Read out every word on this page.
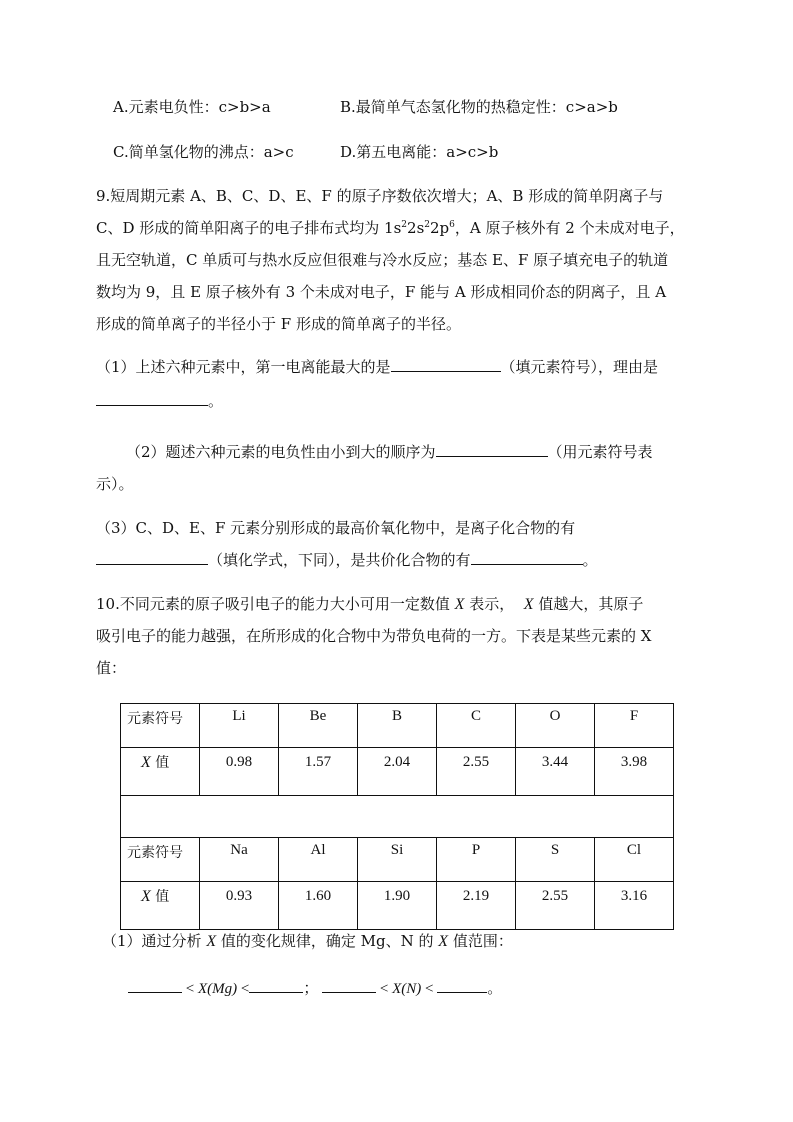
A.元素电负性：c>b>a	B.最简单气态氢化物的热稳定性：c>a>b
C.简单氢化物的沸点：a>c	D.第五电离能：a>c>b
9.短周期元素 A、B、C、D、E、F 的原子序数依次增大；A、B 形成的简单阴离子与
C、D 形成的简单阳离子的电子排布式均为 $1s^22s^22p^6$，A 原子核外有 2 个未成对电子，
且无空轨道，C 单质可与热水反应但很难与冷水反应；基态 E、F 原子填充电子的轨道
数均为 9，且 E 原子核外有 3 个未成对电子，F 能与 A 形成相同价态的阴离子，且 A
形成的简单离子的半径小于 F 形成的简单离子的半径。
（1）上述六种元素中，第一电离能最大的是	（填元素符号），理由是
。
（2）题述六种元素的电负性由小到大的顺序为	（用元素符号表
示）。
（3）C、D、E、F 元素分别形成的最高价氧化物中，是离子化合物的有
（填化学式，下同），是共价化合物的有	。
10.不同元素的原子吸引电子的能力大小可用一定数值 X 表示， X 值越大，其原子
吸引电子的能力越强，在所形成的化合物中为带负电荷的一方。下表是某些元素的 X
值：
元素符号	Li	Be	B	C	O	F

X 值	0.98	1.57	2.04	2.55	3.44	3.98

元素符号	Na	Al	Si	P	S	Cl

X 值	0.93	1.60	1.90	2.19	2.55	3.16
（1）通过分析 X 值的变化规律，确定 Mg、N 的 X 值范围：
< X(Mg) <	；	< X(N) <	。
